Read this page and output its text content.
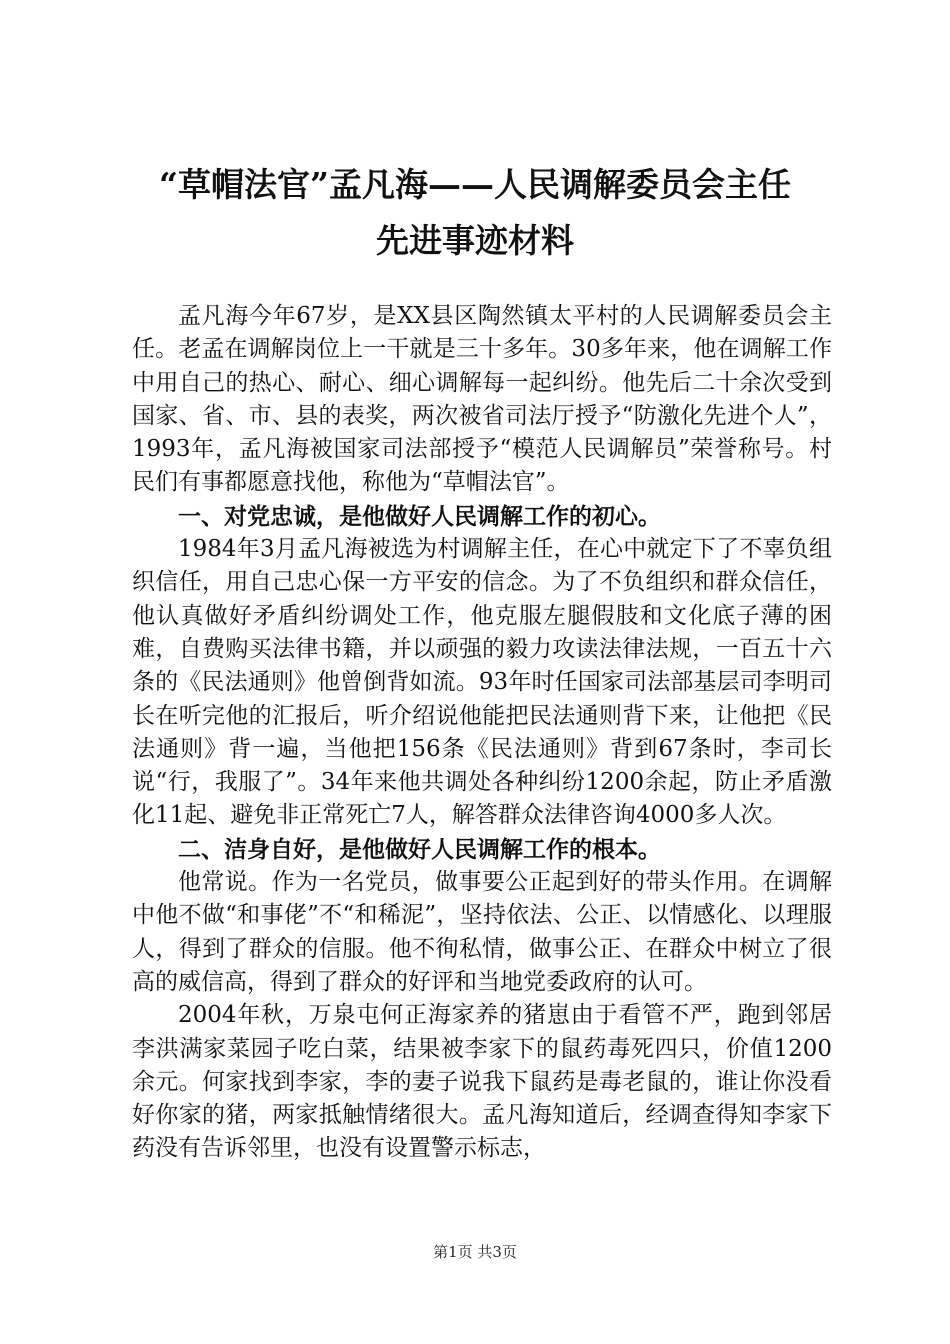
“草帽法官”孟凡海——人民调解委员会主任
先进事迹材料

孟凡海今年67岁，是XX县区陶然镇太平村的人民调解委员会主任。老孟在调解岗位上一干就是三十多年。30多年来，他在调解工作中用自己的热心、耐心、细心调解每一起纠纷。他先后二十余次受到国家、省、市、县的表奖，两次被省司法厅授予“防激化先进个人”，1993年，孟凡海被国家司法部授予“模范人民调解员”荣誉称号。村民们有事都愿意找他，称他为“草帽法官”。

一、对党忠诚，是他做好人民调解工作的初心。

1984年3月孟凡海被选为村调解主任，在心中就定下了不辜负组织信任，用自己忠心保一方平安的信念。为了不负组织和群众信任，他认真做好矛盾纠纷调处工作，他克服左腿假肢和文化底子薄的困难，自费购买法律书籍，并以顽强的毅力攻读法律法规，一百五十六条的《民法通则》他曾倒背如流。93年时任国家司法部基层司李明司长在听完他的汇报后，听介绍说他能把民法通则背下来，让他把《民法通则》背一遍，当他把156条《民法通则》背到67条时，李司长说“行，我服了”。34年来他共调处各种纠纷1200余起，防止矛盾激化11起、避免非正常死亡7人，解答群众法律咨询4000多人次。

二、洁身自好，是他做好人民调解工作的根本。

他常说。作为一名党员，做事要公正起到好的带头作用。在调解中他不做“和事佬”不“和稀泥”，坚持依法、公正、以情感化、以理服人，得到了群众的信服。他不徇私情，做事公正、在群众中树立了很高的威信高，得到了群众的好评和当地党委政府的认可。

2004年秋，万泉屯何正海家养的猪崽由于看管不严，跑到邻居李洪满家菜园子吃白菜，结果被李家下的鼠药毒死四只，价值1200余元。何家找到李家，李的妻子说我下鼠药是毒老鼠的，谁让你没看好你家的猪，两家抵触情绪很大。孟凡海知道后，经调查得知李家下药没有告诉邻里，也没有设置警示标志，

第1页 共3页
